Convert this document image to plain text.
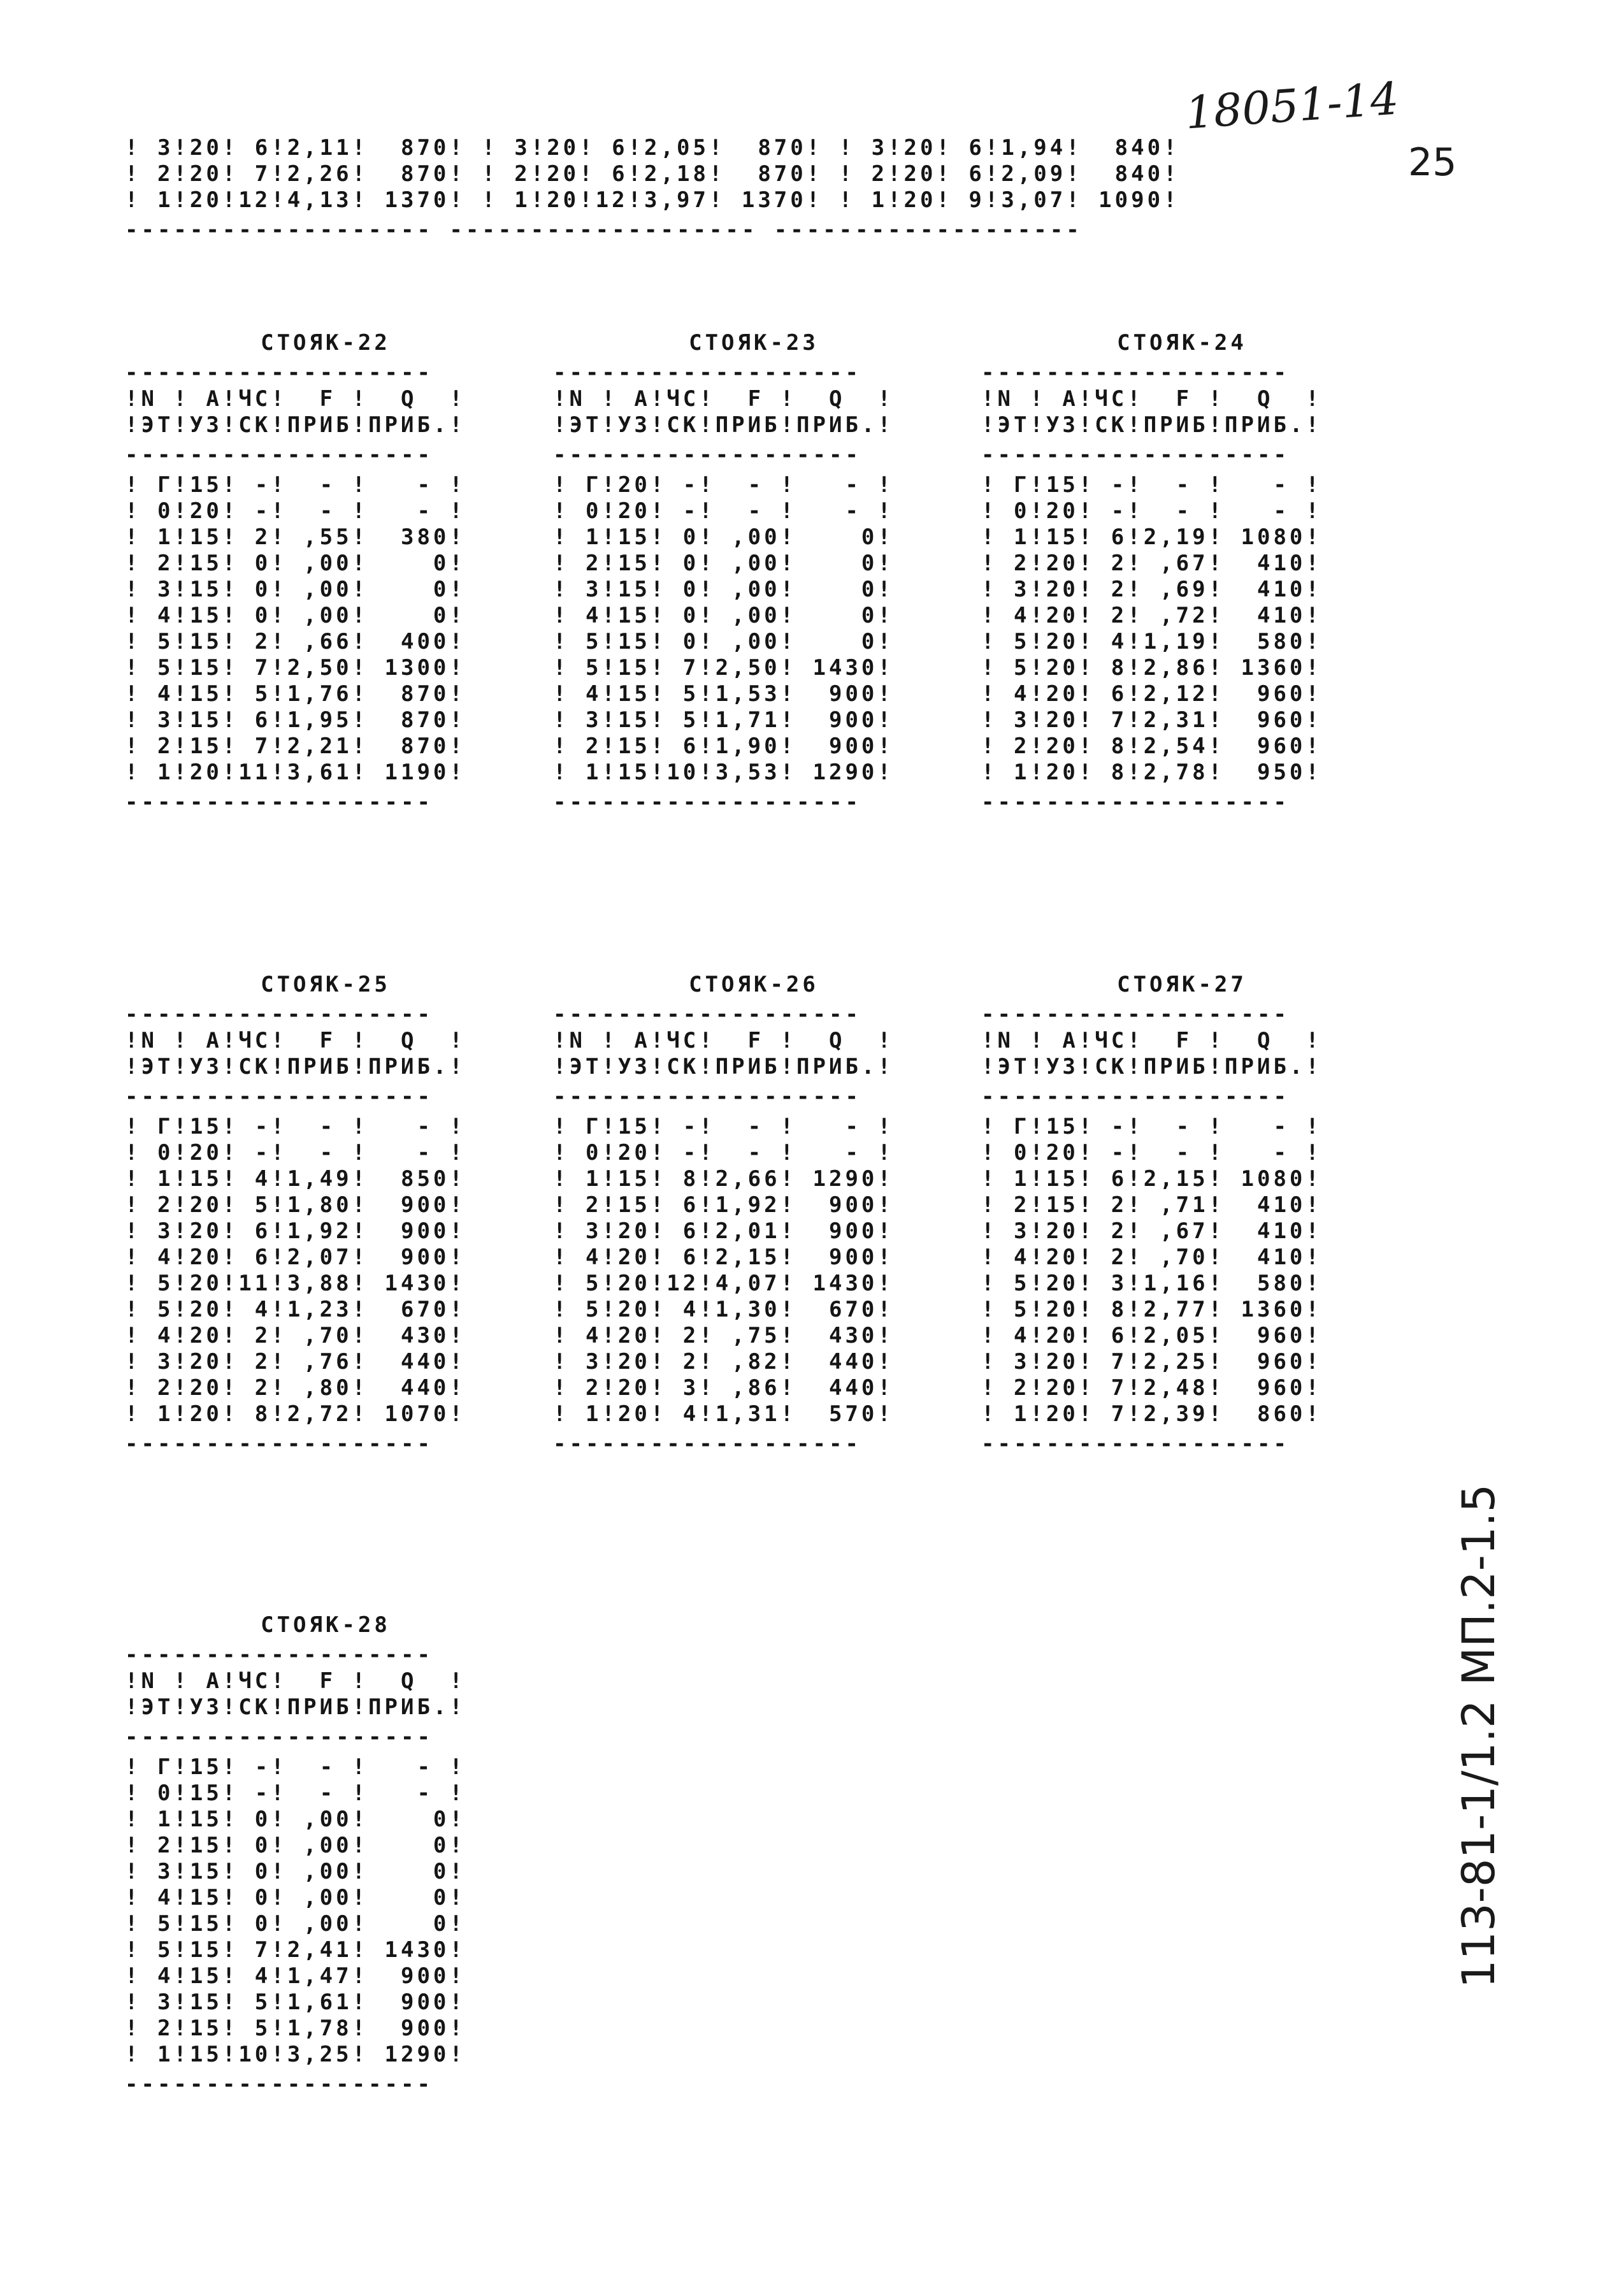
18051-14
25
113-81-1/1.2 МП.2-1.5
! 3!20! 6!2,11!  870! ! 3!20! 6!2,05!  870! ! 3!20! 6!1,94!  840!
! 2!20! 7!2,26!  870! ! 2!20! 6!2,18!  870! ! 2!20! 6!2,09!  840!
! 1!20!12!4,13! 1370! ! 1!20!12!3,97! 1370! ! 1!20! 9!3,07! 1090!
------------------- ------------------- -------------------
СТОЯК-22
-------------------
!N ! A!ЧС!  F !  Q  !
!ЭТ!УЗ!СК!ПРИБ!ПРИБ.!
-------------------
! Г!15! -!  - !   - !
! 0!20! -!  - !   - !
! 1!15! 2! ,55!  380!
! 2!15! 0! ,00!    0!
! 3!15! 0! ,00!    0!
! 4!15! 0! ,00!    0!
! 5!15! 2! ,66!  400!
! 5!15! 7!2,50! 1300!
! 4!15! 5!1,76!  870!
! 3!15! 6!1,95!  870!
! 2!15! 7!2,21!  870!
! 1!20!11!3,61! 1190!
-------------------
СТОЯК-23
-------------------
!N ! A!ЧС!  F !  Q  !
!ЭТ!УЗ!СК!ПРИБ!ПРИБ.!
-------------------
! Г!20! -!  - !   - !
! 0!20! -!  - !   - !
! 1!15! 0! ,00!    0!
! 2!15! 0! ,00!    0!
! 3!15! 0! ,00!    0!
! 4!15! 0! ,00!    0!
! 5!15! 0! ,00!    0!
! 5!15! 7!2,50! 1430!
! 4!15! 5!1,53!  900!
! 3!15! 5!1,71!  900!
! 2!15! 6!1,90!  900!
! 1!15!10!3,53! 1290!
-------------------
СТОЯК-24
-------------------
!N ! A!ЧС!  F !  Q  !
!ЭТ!УЗ!СК!ПРИБ!ПРИБ.!
-------------------
! Г!15! -!  - !   - !
! 0!20! -!  - !   - !
! 1!15! 6!2,19! 1080!
! 2!20! 2! ,67!  410!
! 3!20! 2! ,69!  410!
! 4!20! 2! ,72!  410!
! 5!20! 4!1,19!  580!
! 5!20! 8!2,86! 1360!
! 4!20! 6!2,12!  960!
! 3!20! 7!2,31!  960!
! 2!20! 8!2,54!  960!
! 1!20! 8!2,78!  950!
-------------------
СТОЯК-25
-------------------
!N ! A!ЧС!  F !  Q  !
!ЭТ!УЗ!СК!ПРИБ!ПРИБ.!
-------------------
! Г!15! -!  - !   - !
! 0!20! -!  - !   - !
! 1!15! 4!1,49!  850!
! 2!20! 5!1,80!  900!
! 3!20! 6!1,92!  900!
! 4!20! 6!2,07!  900!
! 5!20!11!3,88! 1430!
! 5!20! 4!1,23!  670!
! 4!20! 2! ,70!  430!
! 3!20! 2! ,76!  440!
! 2!20! 2! ,80!  440!
! 1!20! 8!2,72! 1070!
-------------------
СТОЯК-26
-------------------
!N ! A!ЧС!  F !  Q  !
!ЭТ!УЗ!СК!ПРИБ!ПРИБ.!
-------------------
! Г!15! -!  - !   - !
! 0!20! -!  - !   - !
! 1!15! 8!2,66! 1290!
! 2!15! 6!1,92!  900!
! 3!20! 6!2,01!  900!
! 4!20! 6!2,15!  900!
! 5!20!12!4,07! 1430!
! 5!20! 4!1,30!  670!
! 4!20! 2! ,75!  430!
! 3!20! 2! ,82!  440!
! 2!20! 3! ,86!  440!
! 1!20! 4!1,31!  570!
-------------------
СТОЯК-27
-------------------
!N ! A!ЧС!  F !  Q  !
!ЭТ!УЗ!СК!ПРИБ!ПРИБ.!
-------------------
! Г!15! -!  - !   - !
! 0!20! -!  - !   - !
! 1!15! 6!2,15! 1080!
! 2!15! 2! ,71!  410!
! 3!20! 2! ,67!  410!
! 4!20! 2! ,70!  410!
! 5!20! 3!1,16!  580!
! 5!20! 8!2,77! 1360!
! 4!20! 6!2,05!  960!
! 3!20! 7!2,25!  960!
! 2!20! 7!2,48!  960!
! 1!20! 7!2,39!  860!
-------------------
СТОЯК-28
-------------------
!N ! A!ЧС!  F !  Q  !
!ЭТ!УЗ!СК!ПРИБ!ПРИБ.!
-------------------
! Г!15! -!  - !   - !
! 0!15! -!  - !   - !
! 1!15! 0! ,00!    0!
! 2!15! 0! ,00!    0!
! 3!15! 0! ,00!    0!
! 4!15! 0! ,00!    0!
! 5!15! 0! ,00!    0!
! 5!15! 7!2,41! 1430!
! 4!15! 4!1,47!  900!
! 3!15! 5!1,61!  900!
! 2!15! 5!1,78!  900!
! 1!15!10!3,25! 1290!
-------------------
